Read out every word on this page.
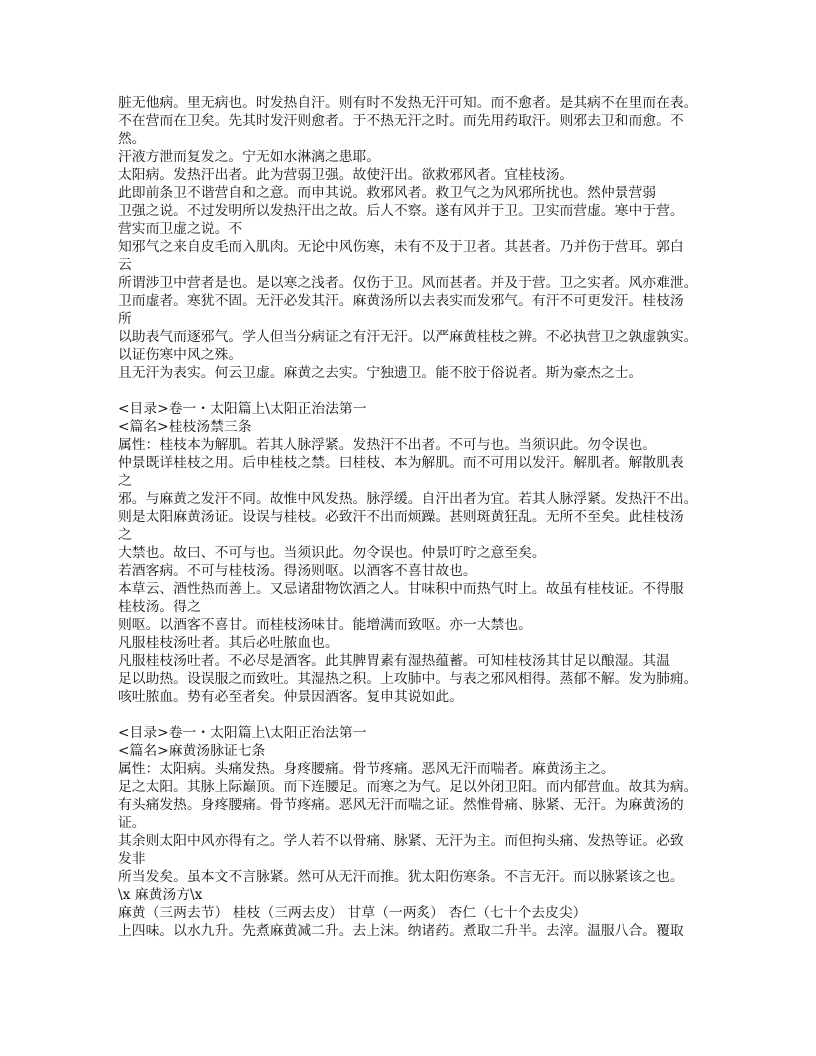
脏无他病。里无病也。时发热自汗。则有时不发热无汗可知。而不愈者。是其病不在里而在表。
不在营而在卫矣。先其时发汗则愈者。于不热无汗之时。而先用药取汗。则邪去卫和而愈。不
然。
汗液方泄而复发之。宁无如水淋漓之患耶。
太阳病。发热汗出者。此为营弱卫强。故使汗出。欲救邪风者。宜桂枝汤。
此即前条卫不谐营自和之意。而申其说。救邪风者。救卫气之为风邪所扰也。然仲景营弱
卫强之说。不过发明所以发热汗出之故。后人不察。遂有风并于卫。卫实而营虚。寒中于营。
营实而卫虚之说。不
知邪气之来自皮毛而入肌肉。无论中风伤寒，未有不及于卫者。其甚者。乃并伤于营耳。郭白
云
所谓涉卫中营者是也。是以寒之浅者。仅伤于卫。风而甚者。并及于营。卫之实者。风亦难泄。
卫而虚者。寒犹不固。无汗必发其汗。麻黄汤所以去表实而发邪气。有汗不可更发汗。桂枝汤
所
以助表气而逐邪气。学人但当分病证之有汗无汗。以严麻黄桂枝之辨。不必执营卫之孰虚孰实。
以证伤寒中风之殊。
且无汗为表实。何云卫虚。麻黄之去实。宁独遗卫。能不胶于俗说者。斯为豪杰之士。
<目录>卷一・太阳篇上\太阳正治法第一
<篇名>桂枝汤禁三条
属性：桂枝本为解肌。若其人脉浮紧。发热汗不出者。不可与也。当须识此。勿令误也。
仲景既详桂枝之用。后申桂枝之禁。曰桂枝、本为解肌。而不可用以发汗。解肌者。解散肌表
之
邪。与麻黄之发汗不同。故惟中风发热。脉浮缓。自汗出者为宜。若其人脉浮紧。发热汗不出。
则是太阳麻黄汤证。设误与桂枝。必致汗不出而烦躁。甚则斑黄狂乱。无所不至矣。此桂枝汤
之
大禁也。故曰、不可与也。当须识此。勿令误也。仲景叮咛之意至矣。
若酒客病。不可与桂枝汤。得汤则呕。以酒客不喜甘故也。
本草云、酒性热而善上。又忌诸甜物饮酒之人。甘味积中而热气时上。故虽有桂枝证。不得服
桂枝汤。得之
则呕。以酒客不喜甘。而桂枝汤味甘。能增满而致呕。亦一大禁也。
凡服桂枝汤吐者。其后必吐脓血也。
凡服桂枝汤吐者。不必尽是酒客。此其脾胃素有湿热蕴蓄。可知桂枝汤其甘足以酿湿。其温
足以助热。设误服之而致吐。其湿热之积。上攻肺中。与表之邪风相得。蒸郁不解。发为肺痈。
咳吐脓血。势有必至者矣。仲景因酒客。复申其说如此。
<目录>卷一・太阳篇上\太阳正治法第一
<篇名>麻黄汤脉证七条
属性：太阳病。头痛发热。身疼腰痛。骨节疼痛。恶风无汗而喘者。麻黄汤主之。
足之太阳。其脉上际巅顶。而下连腰足。而寒之为气。足以外闭卫阳。而内郁营血。故其为病。
有头痛发热。身疼腰痛。骨节疼痛。恶风无汗而喘之证。然惟骨痛、脉紧、无汗。为麻黄汤的
证。
其余则太阳中风亦得有之。学人若不以骨痛、脉紧、无汗为主。而但拘头痛、发热等证。必致
发非
所当发矣。虽本文不言脉紧。然可从无汗而推。犹太阳伤寒条。不言无汗。而以脉紧该之也。
\x 麻黄汤方\x
麻黄（三两去节） 桂枝（三两去皮） 甘草（一两炙） 杏仁（七十个去皮尖）
上四味。以水九升。先煮麻黄减二升。去上沫。纳诸药。煮取二升半。去滓。温服八合。覆取
